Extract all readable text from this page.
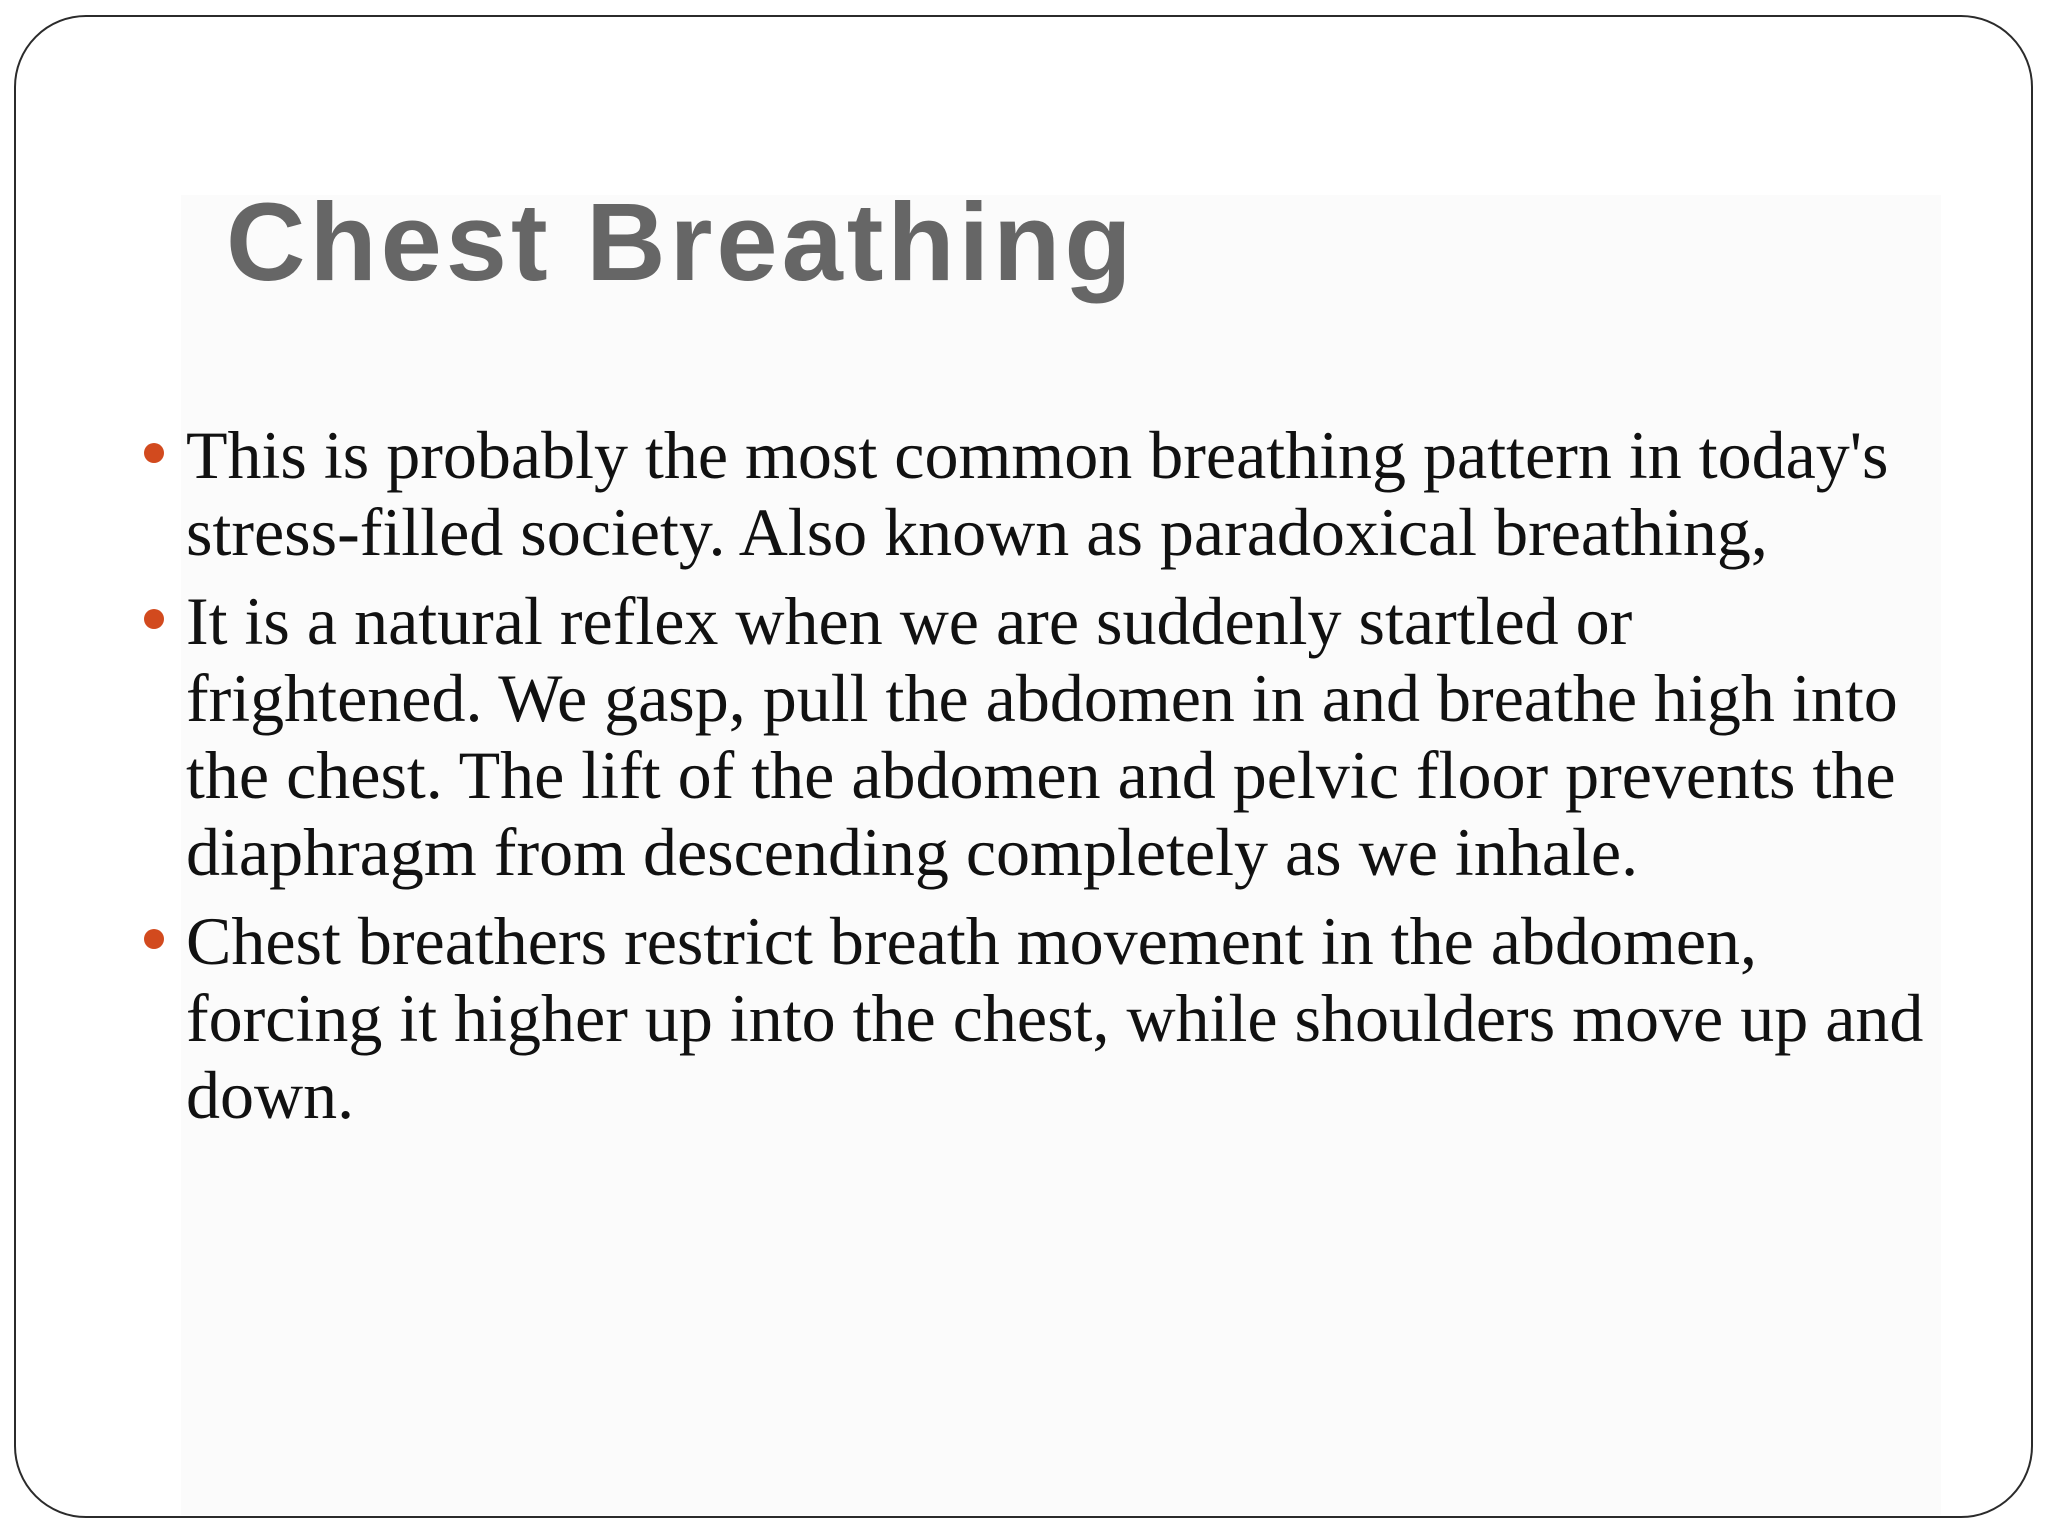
Chest Breathing
This is probably the most common breathing pattern in today's stress-filled society. Also known as paradoxical breathing,
It is a natural reflex when we are suddenly startled or frightened. We gasp, pull the abdomen in and breathe high into the chest. The lift of the abdomen and pelvic floor prevents the diaphragm from descending completely as we inhale.
Chest breathers restrict breath movement in the abdomen, forcing it higher up into the chest, while shoulders move up and down.
